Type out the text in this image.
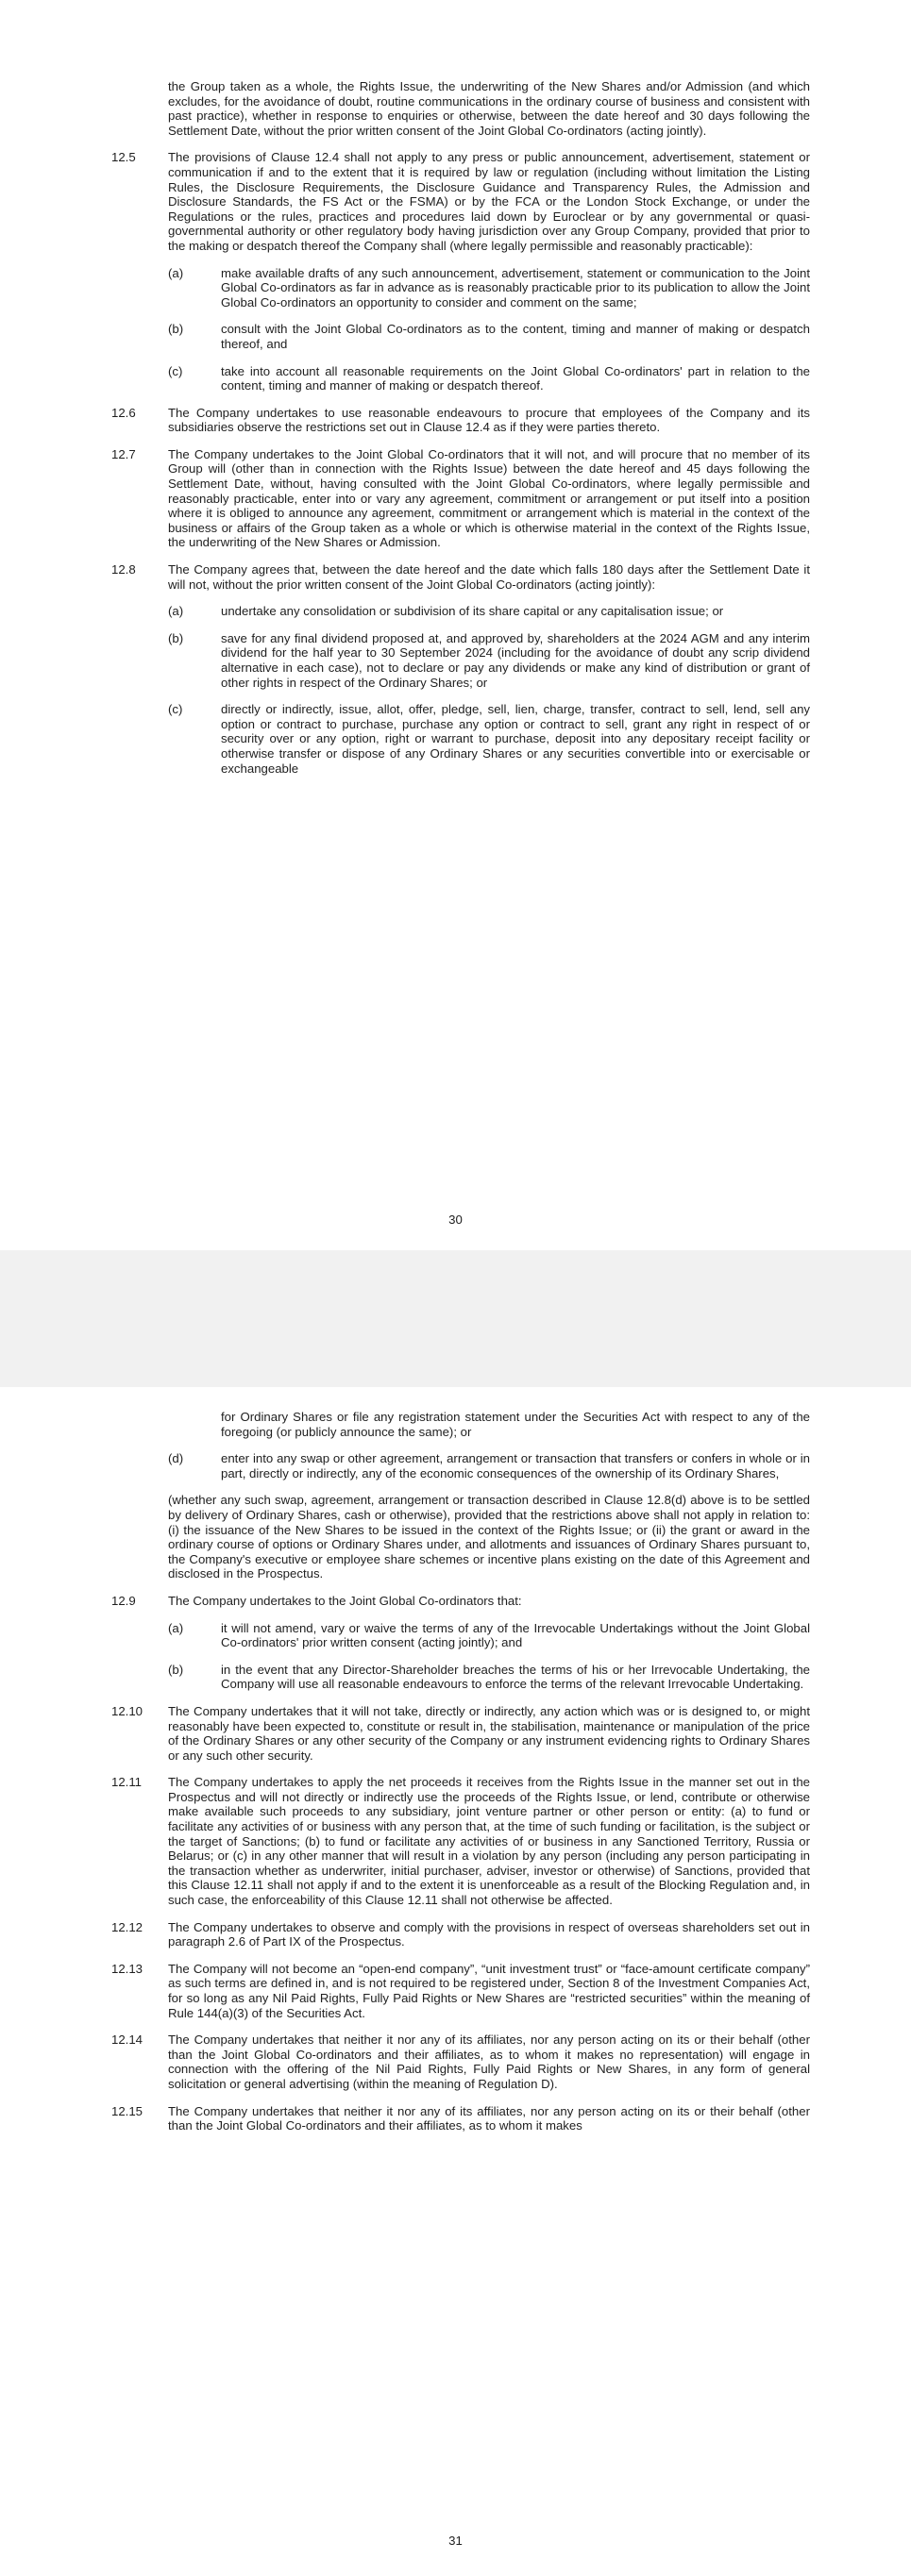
the Group taken as a whole, the Rights Issue, the underwriting of the New Shares and/or Admission (and which excludes, for the avoidance of doubt, routine communications in the ordinary course of business and consistent with past practice), whether in response to enquiries or otherwise, between the date hereof and 30 days following the Settlement Date, without the prior written consent of the Joint Global Co-ordinators (acting jointly).

12.5	The provisions of Clause 12.4 shall not apply to any press or public announcement, advertisement, statement or communication if and to the extent that it is required by law or regulation (including without limitation the Listing Rules, the Disclosure Requirements, the Disclosure Guidance and Transparency Rules, the Admission and Disclosure Standards, the FS Act or the FSMA) or by the FCA or the London Stock Exchange, or under the Regulations or the rules, practices and procedures laid down by Euroclear or by any governmental or quasi-governmental authority or other regulatory body having jurisdiction over any Group Company, provided that prior to the making or despatch thereof the Company shall (where legally permissible and reasonably practicable):
(a)	make available drafts of any such announcement, advertisement, statement or communication to the Joint Global Co-ordinators as far in advance as is reasonably practicable prior to its publication to allow the Joint Global Co-ordinators an opportunity to consider and comment on the same;
(b)	consult with the Joint Global Co-ordinators as to the content, timing and manner of making or despatch thereof, and
(c)	take into account all reasonable requirements on the Joint Global Co-ordinators' part in relation to the content, timing and manner of making or despatch thereof.
12.6	The Company undertakes to use reasonable endeavours to procure that employees of the Company and its subsidiaries observe the restrictions set out in Clause 12.4 as if they were parties thereto.
12.7	The Company undertakes to the Joint Global Co-ordinators that it will not, and will procure that no member of its Group will (other than in connection with the Rights Issue) between the date hereof and 45 days following the Settlement Date, without, having consulted with the Joint Global Co-ordinators, where legally permissible and reasonably practicable, enter into or vary any agreement, commitment or arrangement or put itself into a position where it is obliged to announce any agreement, commitment or arrangement which is material in the context of the business or affairs of the Group taken as a whole or which is otherwise material in the context of the Rights Issue, the underwriting of the New Shares or Admission.
12.8	The Company agrees that, between the date hereof and the date which falls 180 days after the Settlement Date it will not, without the prior written consent of the Joint Global Co-ordinators (acting jointly):
(a)	undertake any consolidation or subdivision of its share capital or any capitalisation issue; or
(b)	save for any final dividend proposed at, and approved by, shareholders at the 2024 AGM and any interim dividend for the half year to 30 September 2024 (including for the avoidance of doubt any scrip dividend alternative in each case), not to declare or pay any dividends or make any kind of distribution or grant of other rights in respect of the Ordinary Shares; or
(c)	directly or indirectly, issue, allot, offer, pledge, sell, lien, charge, transfer, contract to sell, lend, sell any option or contract to purchase, purchase any option or contract to sell, grant any right in respect of or security over or any option, right or warrant to purchase, deposit into any depositary receipt facility or otherwise transfer or dispose of any Ordinary Shares or any securities convertible into or exercisable or exchangeable
30

for Ordinary Shares or file any registration statement under the Securities Act with respect to any of the foregoing (or publicly announce the same); or

(d)	enter into any swap or other agreement, arrangement or transaction that transfers or confers in whole or in part, directly or indirectly, any of the economic consequences of the ownership of its Ordinary Shares,

(whether any such swap, agreement, arrangement or transaction described in Clause 12.8(d) above is to be settled by delivery of Ordinary Shares, cash or otherwise), provided that the restrictions above shall not apply in relation to: (i) the issuance of the New Shares to be issued in the context of the Rights Issue; or (ii) the grant or award in the ordinary course of options or Ordinary Shares under, and allotments and issuances of Ordinary Shares pursuant to, the Company's executive or employee share schemes or incentive plans existing on the date of this Agreement and disclosed in the Prospectus.

12.9	The Company undertakes to the Joint Global Co-ordinators that:
(a)	it will not amend, vary or waive the terms of any of the Irrevocable Undertakings without the Joint Global Co-ordinators' prior written consent (acting jointly); and
(b)	in the event that any Director-Shareholder breaches the terms of his or her Irrevocable Undertaking, the Company will use all reasonable endeavours to enforce the terms of the relevant Irrevocable Undertaking.
12.10	The Company undertakes that it will not take, directly or indirectly, any action which was or is designed to, or might reasonably have been expected to, constitute or result in, the stabilisation, maintenance or manipulation of the price of the Ordinary Shares or any other security of the Company or any instrument evidencing rights to Ordinary Shares or any such other security.
12.11	The Company undertakes to apply the net proceeds it receives from the Rights Issue in the manner set out in the Prospectus and will not directly or indirectly use the proceeds of the Rights Issue, or lend, contribute or otherwise make available such proceeds to any subsidiary, joint venture partner or other person or entity: (a) to fund or facilitate any activities of or business with any person that, at the time of such funding or facilitation, is the subject or the target of Sanctions; (b) to fund or facilitate any activities of or business in any Sanctioned Territory, Russia or Belarus; or (c) in any other manner that will result in a violation by any person (including any person participating in the transaction whether as underwriter, initial purchaser, adviser, investor or otherwise) of Sanctions, provided that this Clause 12.11 shall not apply if and to the extent it is unenforceable as a result of the Blocking Regulation and, in such case, the enforceability of this Clause 12.11 shall not otherwise be affected.
12.12	The Company undertakes to observe and comply with the provisions in respect of overseas shareholders set out in paragraph 2.6 of Part IX of the Prospectus.
12.13	The Company will not become an “open-end company”, “unit investment trust” or “face-amount certificate company” as such terms are defined in, and is not required to be registered under, Section 8 of the Investment Companies Act, for so long as any Nil Paid Rights, Fully Paid Rights or New Shares are “restricted securities” within the meaning of Rule 144(a)(3) of the Securities Act.
12.14	The Company undertakes that neither it nor any of its affiliates, nor any person acting on its or their behalf (other than the Joint Global Co-ordinators and their affiliates, as to whom it makes no representation) will engage in connection with the offering of the Nil Paid Rights, Fully Paid Rights or New Shares, in any form of general solicitation or general advertising (within the meaning of Regulation D).
12.15	The Company undertakes that neither it nor any of its affiliates, nor any person acting on its or their behalf (other than the Joint Global Co-ordinators and their affiliates, as to whom it makes
31
